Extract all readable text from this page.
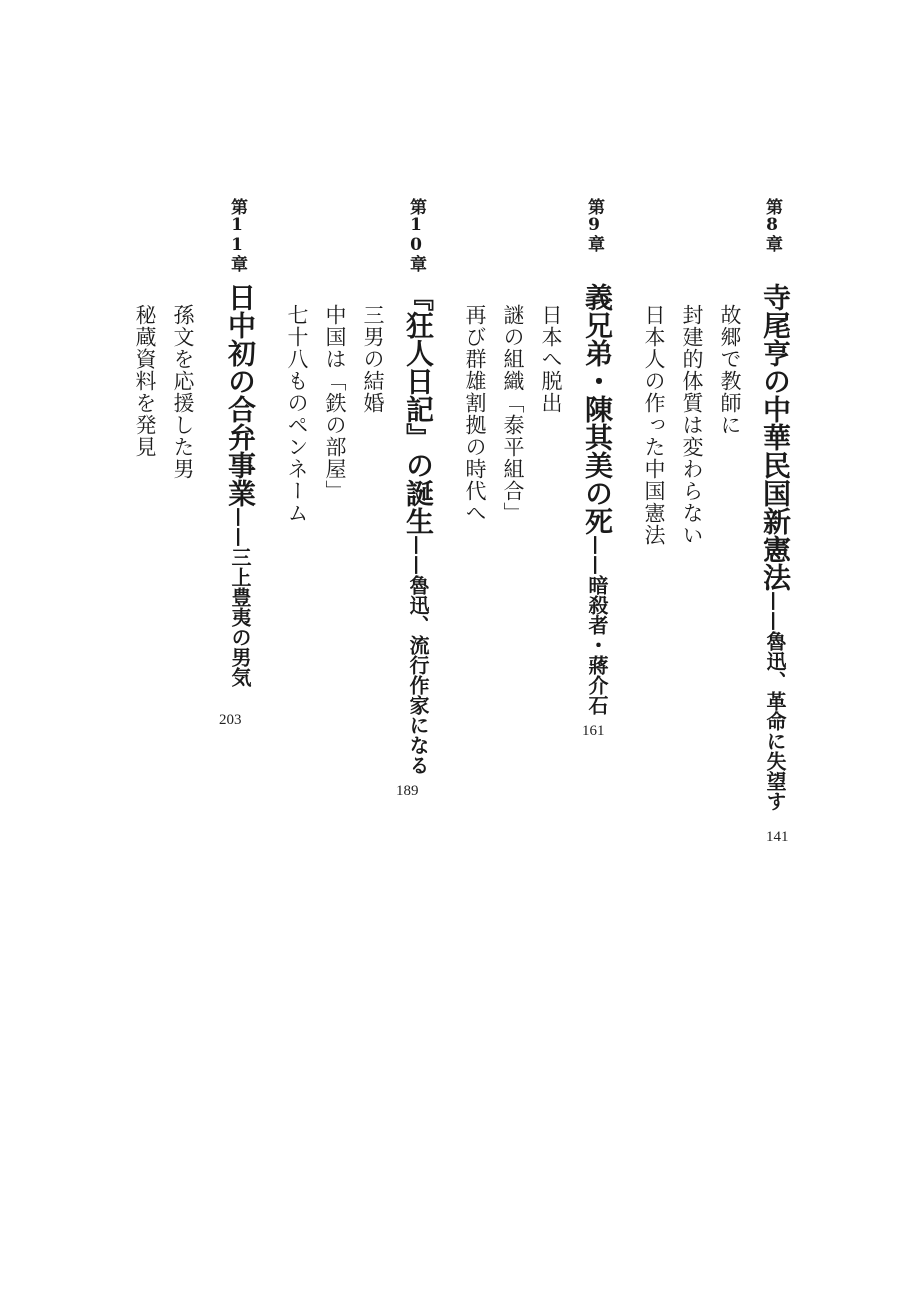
第8章
寺尾亨の中華民国新憲法——魯迅、革命に失望す
141
故郷で教師に
封建的体質は変わらない
日本人の作った中国憲法
第9章
義兄弟・陳其美の死——暗殺者・蔣介石
161
日本へ脱出
謎の組織「泰平組合」
再び群雄割拠の時代へ
第10章
『狂人日記』の誕生——魯迅、流行作家になる
189
三男の結婚
中国は「鉄の部屋」
七十八ものペンネーム
第11章
日中初の合弁事業——三上豊夷の男気
203
孫文を応援した男
秘蔵資料を発見
